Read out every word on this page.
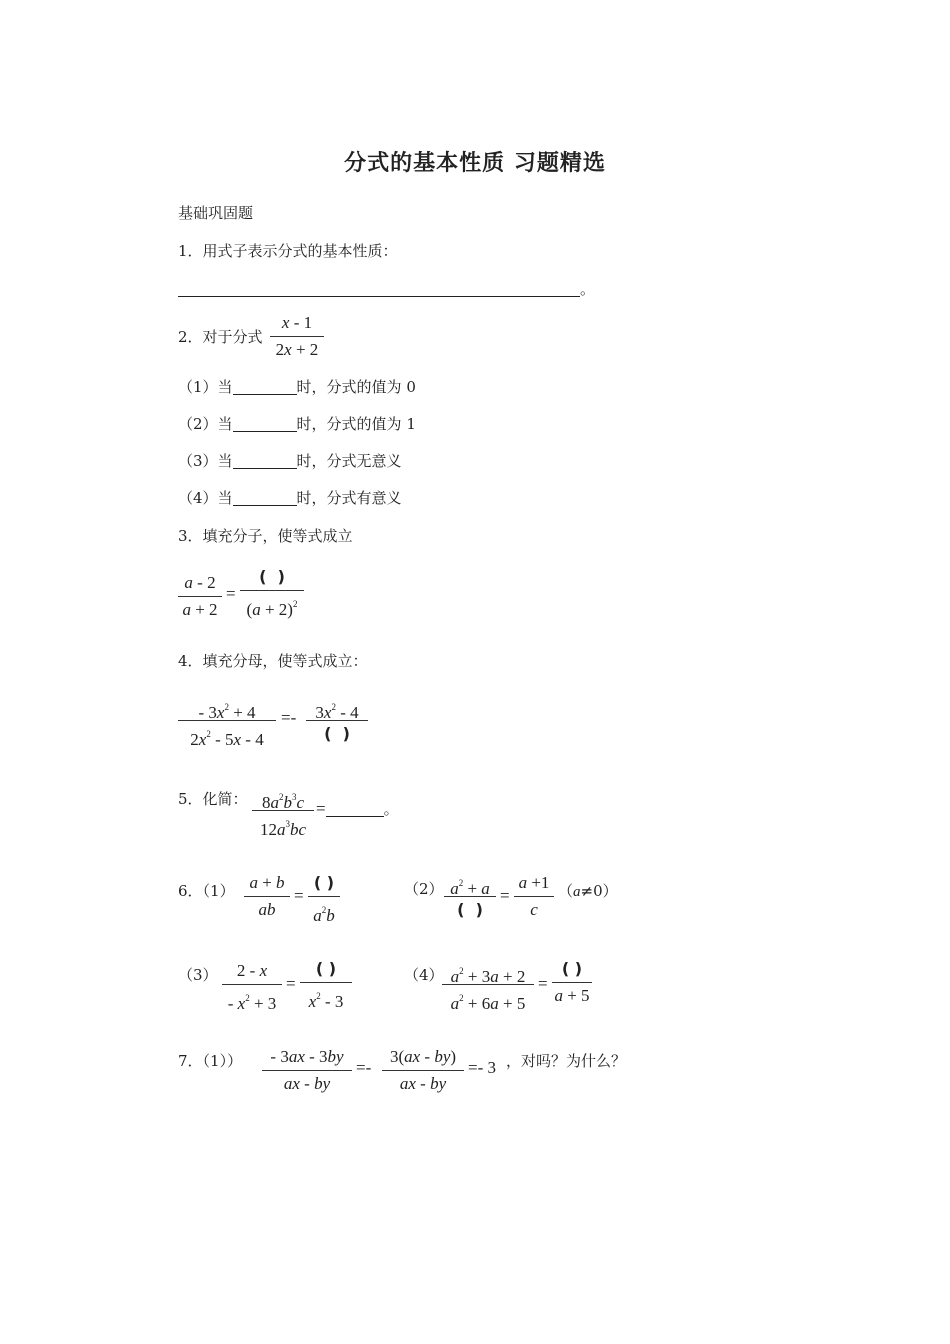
分式的基本性质 习题精选
基础巩固题
1．用式子表示分式的基本性质：
。
2．对于分式
x - 1
2x + 2
（1）当	时，分式的值为 0
（2）当	时，分式的值为 1
（3）当	时，分式无意义
（4）当	时，分式有意义
3．填充分子，使等式成立
a - 2
a + 2
=
(  )
$(a + 2)^2$
4．填充分母，使等式成立：
- $3x^2 + 4$
$2x^2 - 5x - 4$
=-	$3x^2 - 4$
(  )
5．化简： $8a^2b^3c$
$12a^3bc$
=	。
6．（1） a + b
ab
=
( )
$a^2b$
（2） $a^2 + a$
(  )
=
a +1
c
（a≠0）
（3）	2 - x
- $x^2 + 3$
=
( )
$x^2 - 3$
（4） $a^2 + 3a + 2$
$a^2 + 6a + 5$
=
( )
a + 5
7．（1））	- 3ax - 3by
ax - by
=-
3(ax - by)
ax - by
=- 3 ，对吗？为什么？
